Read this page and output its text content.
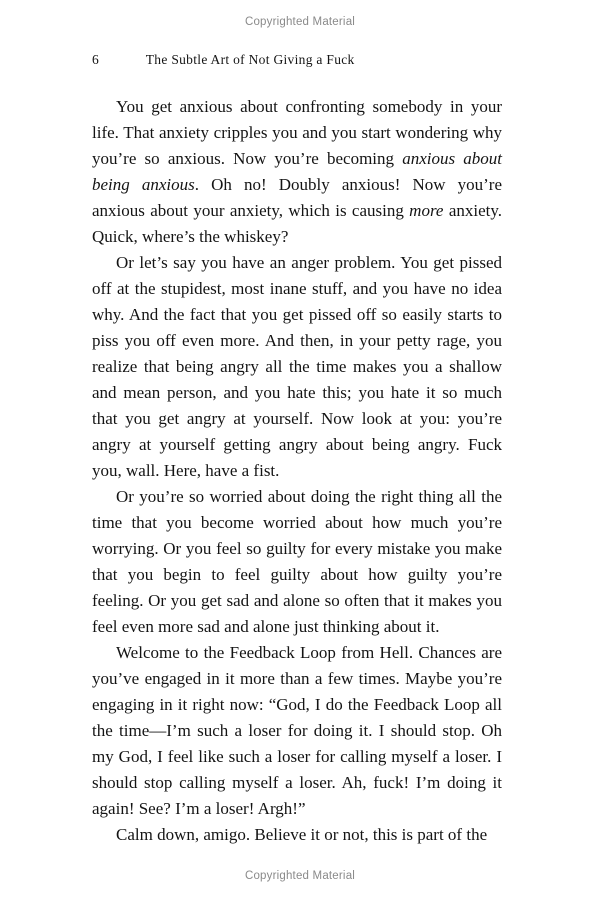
Copyrighted Material
6	The Subtle Art of Not Giving a Fuck

You get anxious about confronting somebody in your life. That anxiety cripples you and you start wondering why you’re so anxious. Now you’re becoming anxious about being anxious. Oh no! Doubly anxious! Now you’re anxious about your anxiety, which is causing more anxiety. Quick, where’s the whiskey?

Or let’s say you have an anger problem. You get pissed off at the stupidest, most inane stuff, and you have no idea why. And the fact that you get pissed off so easily starts to piss you off even more. And then, in your petty rage, you realize that being angry all the time makes you a shallow and mean person, and you hate this; you hate it so much that you get angry at yourself. Now look at you: you’re angry at yourself getting angry about being angry. Fuck you, wall. Here, have a fist.

Or you’re so worried about doing the right thing all the time that you become worried about how much you’re worrying. Or you feel so guilty for every mistake you make that you begin to feel guilty about how guilty you’re feeling. Or you get sad and alone so often that it makes you feel even more sad and alone just thinking about it.

Welcome to the Feedback Loop from Hell. Chances are you’ve engaged in it more than a few times. Maybe you’re engaging in it right now: “God, I do the Feedback Loop all the time—I’m such a loser for doing it. I should stop. Oh my God, I feel like such a loser for calling myself a loser. I should stop calling myself a loser. Ah, fuck! I’m doing it again! See? I’m a loser! Argh!”

Calm down, amigo. Believe it or not, this is part of the

Copyrighted Material
